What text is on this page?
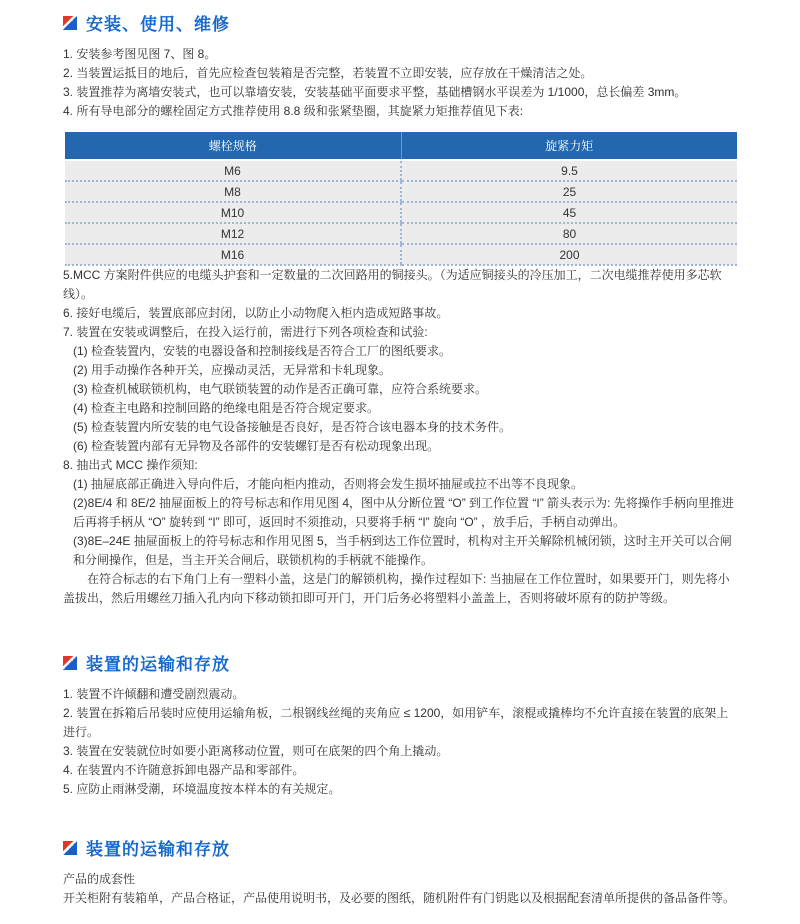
安装、使用、维修

1. 安装参考图见图 7、图 8。

2. 当装置运抵目的地后，首先应检查包装箱是否完整，若装置不立即安装，应存放在干燥清洁之处。

3. 装置推荐为离墙安装式，也可以靠墙安装，安装基础平面要求平整，基础槽钢水平误差为 1/1000，总长偏差 3mm。

4. 所有导电部分的螺栓固定方式推荐使用 8.8 级和张紧垫圈，其旋紧力矩推荐值见下表:

螺栓规格	旋紧力矩
M6	9.5
M8	25
M10	45
M12	80
M16	200

5.MCC 方案附件供应的电缆头护套和一定数量的二次回路用的铜接头。（为适应铜接头的冷压加工，二次电缆推荐使用多芯软线）。

6. 接好电缆后，装置底部应封闭，以防止小动物爬入柜内造成短路事故。

7. 装置在安装或调整后，在投入运行前，需进行下列各项检查和试验:

(1) 检查装置内，安装的电器设备和控制接线是否符合工厂的图纸要求。

(2) 用手动操作各种开关，应操动灵活，无异常和卡轧现象。

(3) 检查机械联锁机构，电气联锁装置的动作是否正确可靠，应符合系统要求。

(4) 检查主电路和控制回路的绝缘电阻是否符合规定要求。

(5) 检查装置内所安装的电气设备接触是否良好，是否符合该电器本身的技术务件。

(6) 检查装置内部有无异物及各部件的安装螺钉是否有松动现象出现。

8. 抽出式 MCC 操作须知:

(1) 抽屉底部正确进入导向件后，才能向柜内推动，否则将会发生损坏抽屉或拉不出等不良现象。

(2)8E/4 和 8E/2 抽屉面板上的符号标志和作用见图 4，图中从分断位置 “O” 到工作位置 “I” 箭头表示为: 先将操作手柄向里推进后再将手柄从 “O” 旋转到 “I” 即可，返回时不须推动，只要将手柄 “I” 旋向 “O” ，放手后，手柄自动弹出。

(3)8E–24E 抽屉面板上的符号标志和作用见图 5，当手柄到达工作位置时，机构对主开关解除机械闭锁，这时主开关可以合闸和分闸操作，但是，当主开关合闸后，联锁机构的手柄就不能操作。

在符合标志的右下角门上有一塑料小盖，这是门的解锁机构，操作过程如下: 当抽屉在工作位置时，如果要开门，则先将小盖拔出，然后用螺丝刀插入孔内向下移动锁扣即可开门，开门后务必将塑料小盖盖上，否则将破坏原有的防护等级。

装置的运输和存放

1. 装置不许倾翻和遭受剧烈震动。

2. 装置在拆箱后吊装时应使用运输角板，二根钢线丝绳的夹角应 ≤ 1200，如用铲车，滚棍或撬棒均不允许直接在装置的底架上进行。

3. 装置在安装就位时如要小距离移动位置，则可在底架的四个角上撬动。

4. 在装置内不许随意拆卸电器产品和零部件。

5. 应防止雨淋受潮，环境温度按本样本的有关规定。

装置的运输和存放

产品的成套性

开关柜附有装箱单，产品合格证，产品使用说明书，及必要的图纸，随机附件有门钥匙以及根据配套清单所提供的备品备件等。
